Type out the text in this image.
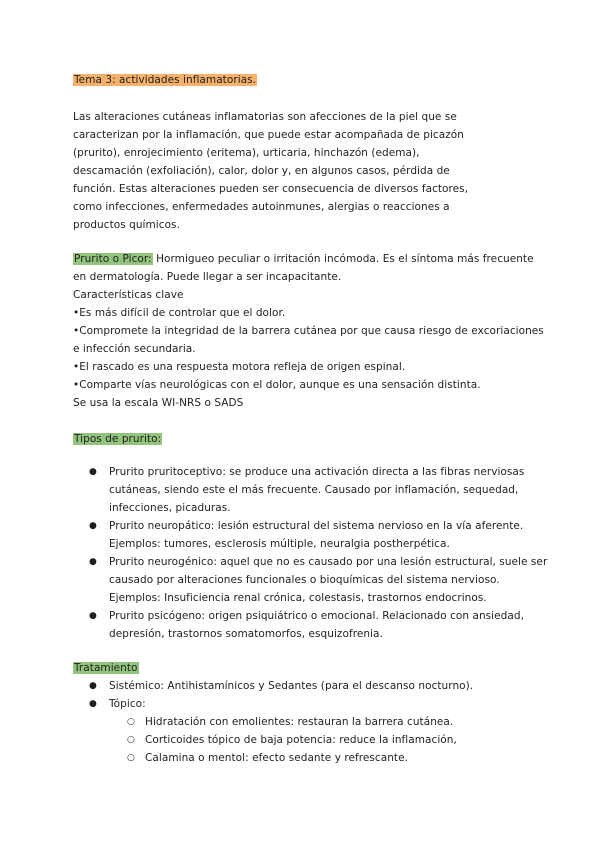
Tema 3: actividades inflamatorias.
Las alteraciones cutáneas inflamatorias son afecciones de la piel que se
caracterizan por la inflamación, que puede estar acompañada de picazón
(prurito), enrojecimiento (eritema), urticaria, hinchazón (edema),
descamación (exfoliación), calor, dolor y, en algunos casos, pérdida de
función. Estas alteraciones pueden ser consecuencia de diversos factores,
como infecciones, enfermedades autoinmunes, alergias o reacciones a
productos químicos.
Prurito o Picor: Hormigueo peculiar o irritación incómoda. Es el síntoma más frecuente
en dermatología. Puede llegar a ser incapacitante.
Características clave
•Es más difícil de controlar que el dolor.
•Compromete la integridad de la barrera cutánea por que causa riesgo de excoriaciones
e infección secundaria.
•El rascado es una respuesta motora refleja de origen espinal.
•Comparte vías neurológicas con el dolor, aunque es una sensación distinta.
Se usa la escala WI-NRS o SADS
Tipos de prurito:
● Prurito pruritoceptivo: se produce una activación directa a las fibras nerviosas
cutáneas, siendo este el más frecuente. Causado por inflamación, sequedad,
infecciones, picaduras.
● Prurito neuropático: lesión estructural del sistema nervioso en la vía aferente.
Ejemplos: tumores, esclerosis múltiple, neuralgia postherpética.
● Prurito neurogénico: aquel que no es causado por una lesión estructural, suele ser
causado por alteraciones funcionales o bioquímicas del sistema nervioso.
Ejemplos: Insuficiencia renal crónica, colestasis, trastornos endocrinos.
● Prurito psicógeno: origen psiquiátrico o emocional. Relacionado con ansiedad,
depresión, trastornos somatomorfos, esquizofrenia.
Tratamiento
● Sistémico: Antihistamínicos y Sedantes (para el descanso nocturno).
● Tópico:
○ Hidratación con emolientes: restauran la barrera cutánea.
○ Corticoides tópico de baja potencia: reduce la inflamación,
○ Calamina o mentol: efecto sedante y refrescante.
